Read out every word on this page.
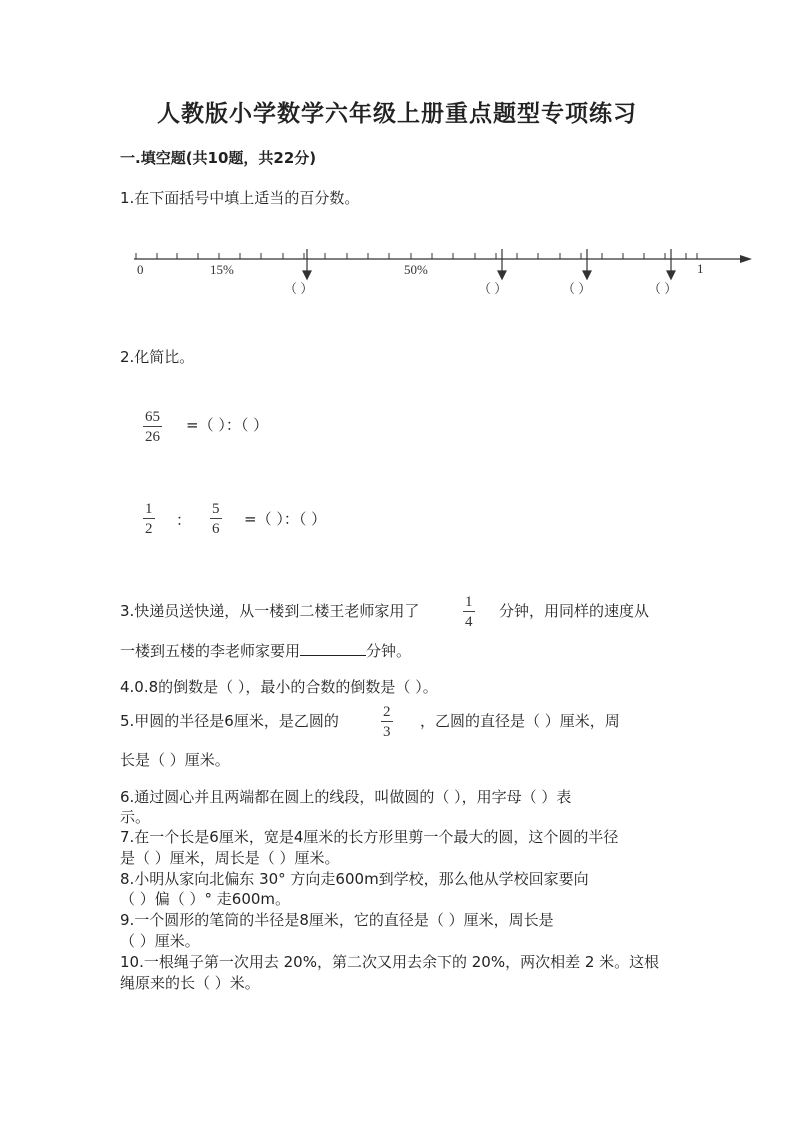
人教版小学数学六年级上册重点题型专项练习
一.填空题(共10题，共22分)
1.在下面括号中填上适当的百分数。
0	15%	50%	1
（ ）	（ ）	（ ）	（ ）
2.化简比。
$\frac{65}{26}$ =（ ）：（ ）
$\frac{1}{2}$ ： $\frac{5}{6}$ =（ ）：（ ）
3.快递员送快递，从一楼到二楼王老师家用了	$\frac{1}{4}$ 分钟，用同样的速度从
一楼到五楼的李老师家要用	分钟。
4.0.8的倒数是（ ），最小的合数的倒数是（ ）。
5.甲圆的半径是6厘米，是乙圆的	$\frac{2}{3}$ ，乙圆的直径是（ ）厘米，周
长是（ ）厘米。
6.通过圆心并且两端都在圆上的线段，叫做圆的（ ），用字母（ ）表
示。
7.在一个长是6厘米，宽是4厘米的长方形里剪一个最大的圆，这个圆的半径
是（ ）厘米，周长是（ ）厘米。
8.小明从家向北偏东 30° 方向走600m到学校，那么他从学校回家要向
（ ）偏（ ）° 走600m。
9.一个圆形的笔筒的半径是8厘米，它的直径是（ ）厘米，周长是
（ ）厘米。
10.一根绳子第一次用去 20%，第二次又用去余下的 20%，两次相差 2 米。这根
绳原来的长（ ）米。
